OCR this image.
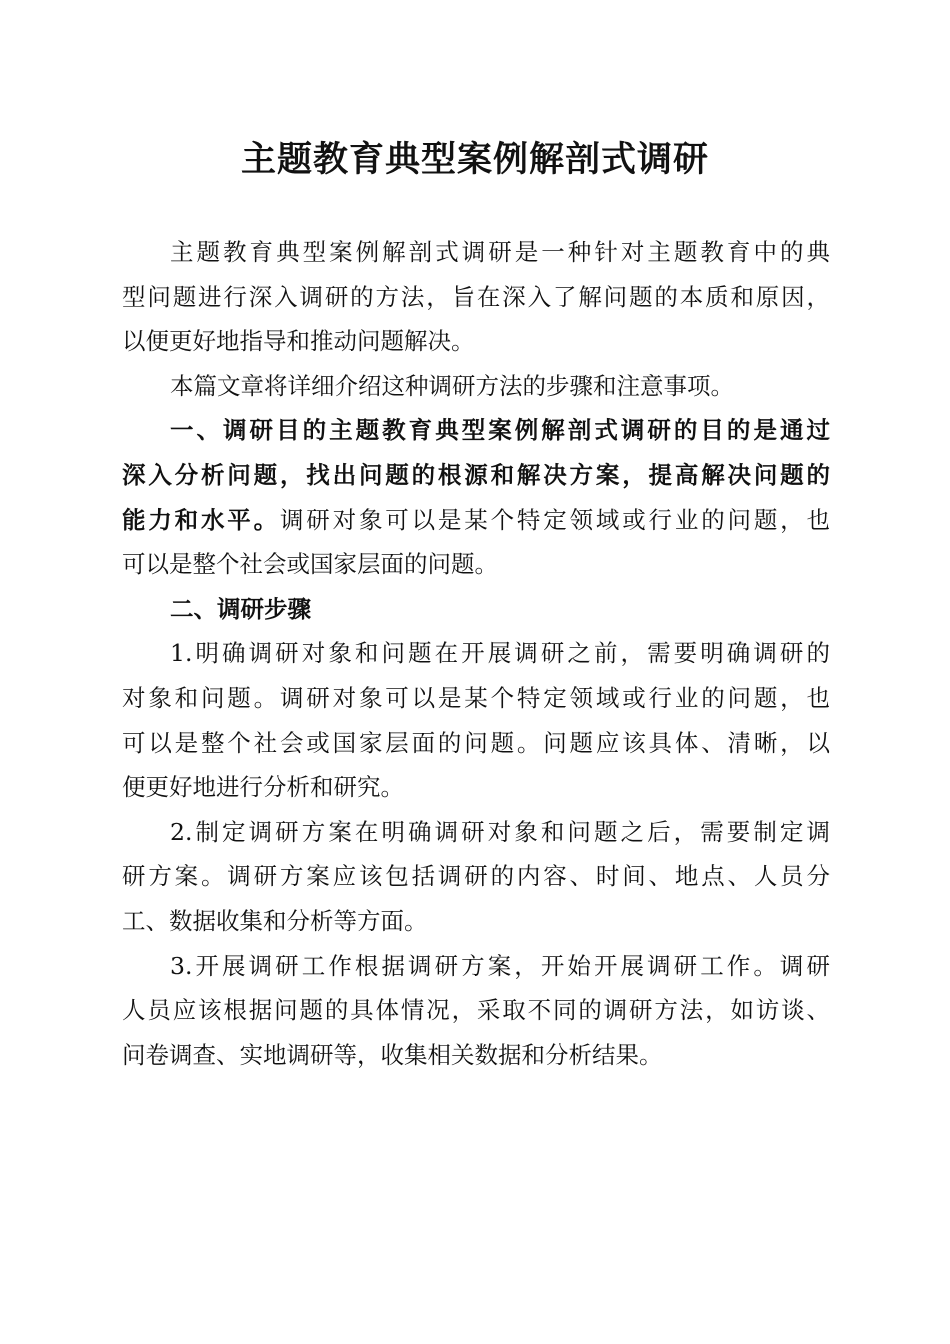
主题教育典型案例解剖式调研
主题教育典型案例解剖式调研是一种针对主题教育中的典
型问题进行深入调研的方法，旨在深入了解问题的本质和原因，
以便更好地指导和推动问题解决。
本篇文章将详细介绍这种调研方法的步骤和注意事项。
一、调研目的主题教育典型案例解剖式调研的目的是通过
深入分析问题，找出问题的根源和解决方案，提高解决问题的
能力和水平。调研对象可以是某个特定领域或行业的问题，也
可以是整个社会或国家层面的问题。
二、调研步骤
1.明确调研对象和问题在开展调研之前，需要明确调研的
对象和问题。调研对象可以是某个特定领域或行业的问题，也
可以是整个社会或国家层面的问题。问题应该具体、清晰，以
便更好地进行分析和研究。
2.制定调研方案在明确调研对象和问题之后，需要制定调
研方案。调研方案应该包括调研的内容、时间、地点、人员分
工、数据收集和分析等方面。
3.开展调研工作根据调研方案，开始开展调研工作。调研
人员应该根据问题的具体情况，采取不同的调研方法，如访谈、
问卷调查、实地调研等，收集相关数据和分析结果。
